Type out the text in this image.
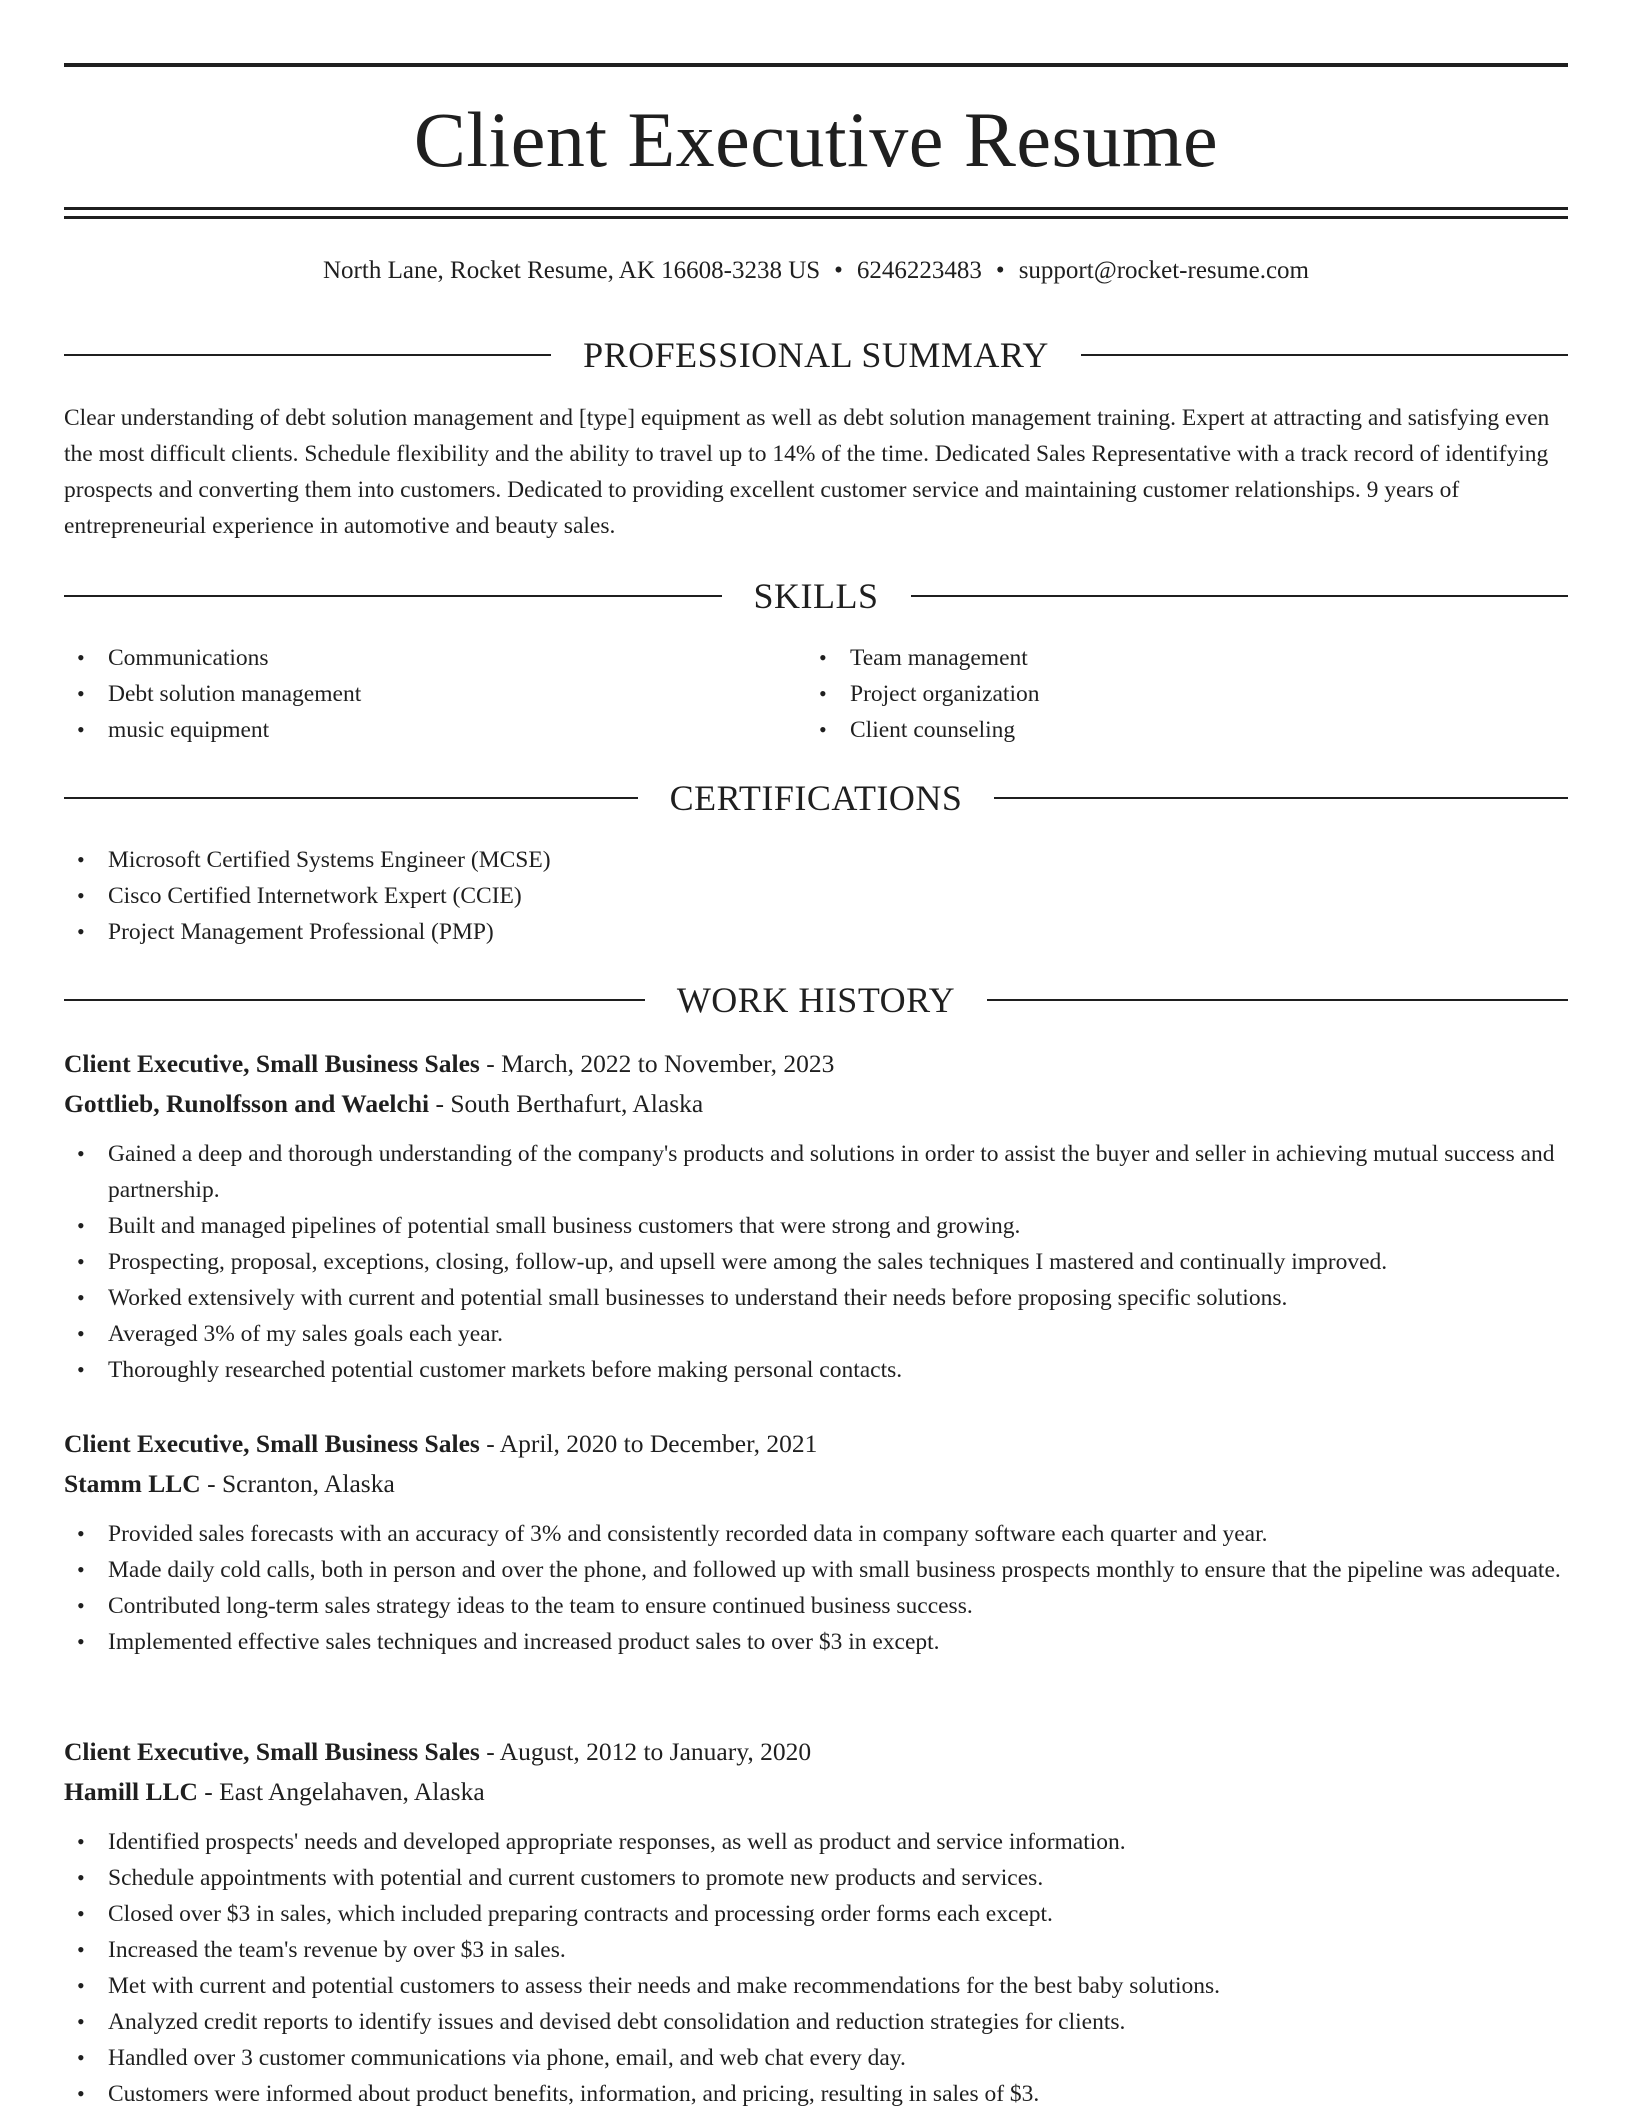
Client Executive Resume
North Lane, Rocket Resume, AK 16608-3238 US • 6246223483 • support@rocket-resume.com
PROFESSIONAL SUMMARY

Clear understanding of debt solution management and [type] equipment as well as debt solution management training. Expert at attracting and satisfying even the most difficult clients. Schedule flexibility and the ability to travel up to 14% of the time. Dedicated Sales Representative with a track record of identifying prospects and converting them into customers. Dedicated to providing excellent customer service and maintaining customer relationships. 9 years of entrepreneurial experience in automotive and beauty sales.

SKILLS
• Communications
• Debt solution management
• music equipment
• Team management
• Project organization
• Client counseling
CERTIFICATIONS
• Microsoft Certified Systems Engineer (MCSE)
• Cisco Certified Internetwork Expert (CCIE)
• Project Management Professional (PMP)
WORK HISTORY
Client Executive, Small Business Sales - March, 2022 to November, 2023
Gottlieb, Runolfsson and Waelchi - South Berthafurt, Alaska
• Gained a deep and thorough understanding of the company's products and solutions in order to assist the buyer and seller in achieving mutual success and partnership.
• Built and managed pipelines of potential small business customers that were strong and growing.
• Prospecting, proposal, exceptions, closing, follow-up, and upsell were among the sales techniques I mastered and continually improved.
• Worked extensively with current and potential small businesses to understand their needs before proposing specific solutions.
• Averaged 3% of my sales goals each year.
• Thoroughly researched potential customer markets before making personal contacts.
Client Executive, Small Business Sales - April, 2020 to December, 2021
Stamm LLC - Scranton, Alaska
• Provided sales forecasts with an accuracy of 3% and consistently recorded data in company software each quarter and year.
• Made daily cold calls, both in person and over the phone, and followed up with small business prospects monthly to ensure that the pipeline was adequate.
• Contributed long-term sales strategy ideas to the team to ensure continued business success.
• Implemented effective sales techniques and increased product sales to over $3 in except.
Client Executive, Small Business Sales - August, 2012 to January, 2020
Hamill LLC - East Angelahaven, Alaska
• Identified prospects' needs and developed appropriate responses, as well as product and service information.
• Schedule appointments with potential and current customers to promote new products and services.
• Closed over $3 in sales, which included preparing contracts and processing order forms each except.
• Increased the team's revenue by over $3 in sales.
• Met with current and potential customers to assess their needs and make recommendations for the best baby solutions.
• Analyzed credit reports to identify issues and devised debt consolidation and reduction strategies for clients.
• Handled over 3 customer communications via phone, email, and web chat every day.
• Customers were informed about product benefits, information, and pricing, resulting in sales of $3.
